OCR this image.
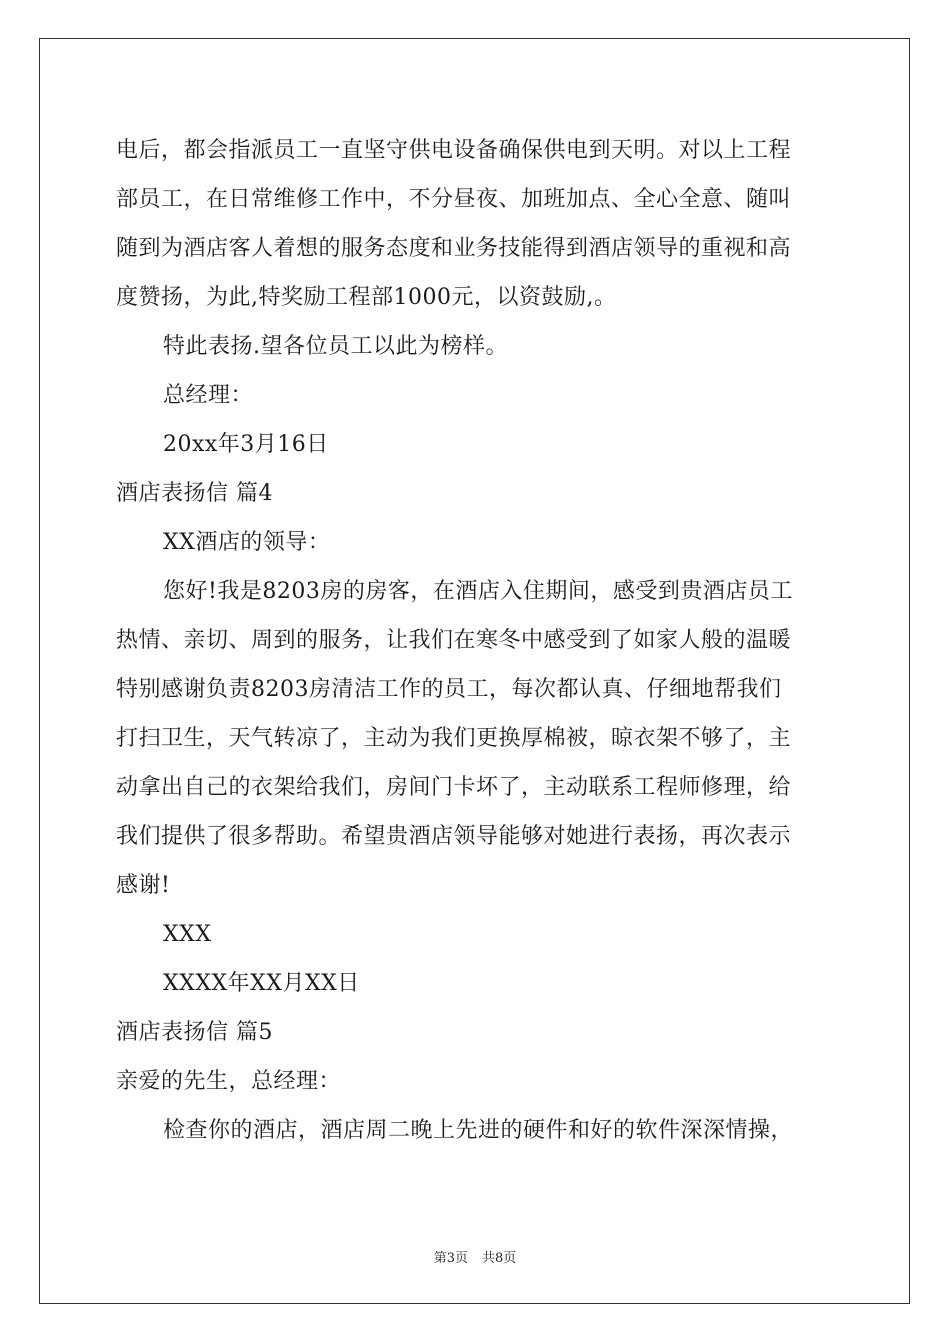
电后，都会指派员工一直坚守供电设备确保供电到天明。对以上工程
部员工，在日常维修工作中，不分昼夜、加班加点、全心全意、随叫
随到为酒店客人着想的服务态度和业务技能得到酒店领导的重视和高
度赞扬，为此,特奖励工程部1000元，以资鼓励,。
特此表扬.望各位员工以此为榜样。
总经理：
20xx年3月16日
酒店表扬信 篇4
XX酒店的领导：
您好!我是8203房的房客，在酒店入住期间，感受到贵酒店员工
热情、亲切、周到的服务，让我们在寒冬中感受到了如家人般的温暖
特别感谢负责8203房清洁工作的员工，每次都认真、仔细地帮我们
打扫卫生，天气转凉了，主动为我们更换厚棉被，晾衣架不够了，主
动拿出自己的衣架给我们，房间门卡坏了，主动联系工程师修理，给
我们提供了很多帮助。希望贵酒店领导能够对她进行表扬，再次表示
感谢!
XXX
XXXX年XX月XX日
酒店表扬信 篇5
亲爱的先生，总经理：
检查你的酒店，酒店周二晚上先进的硬件和好的软件深深情操，
第3页 共8页
